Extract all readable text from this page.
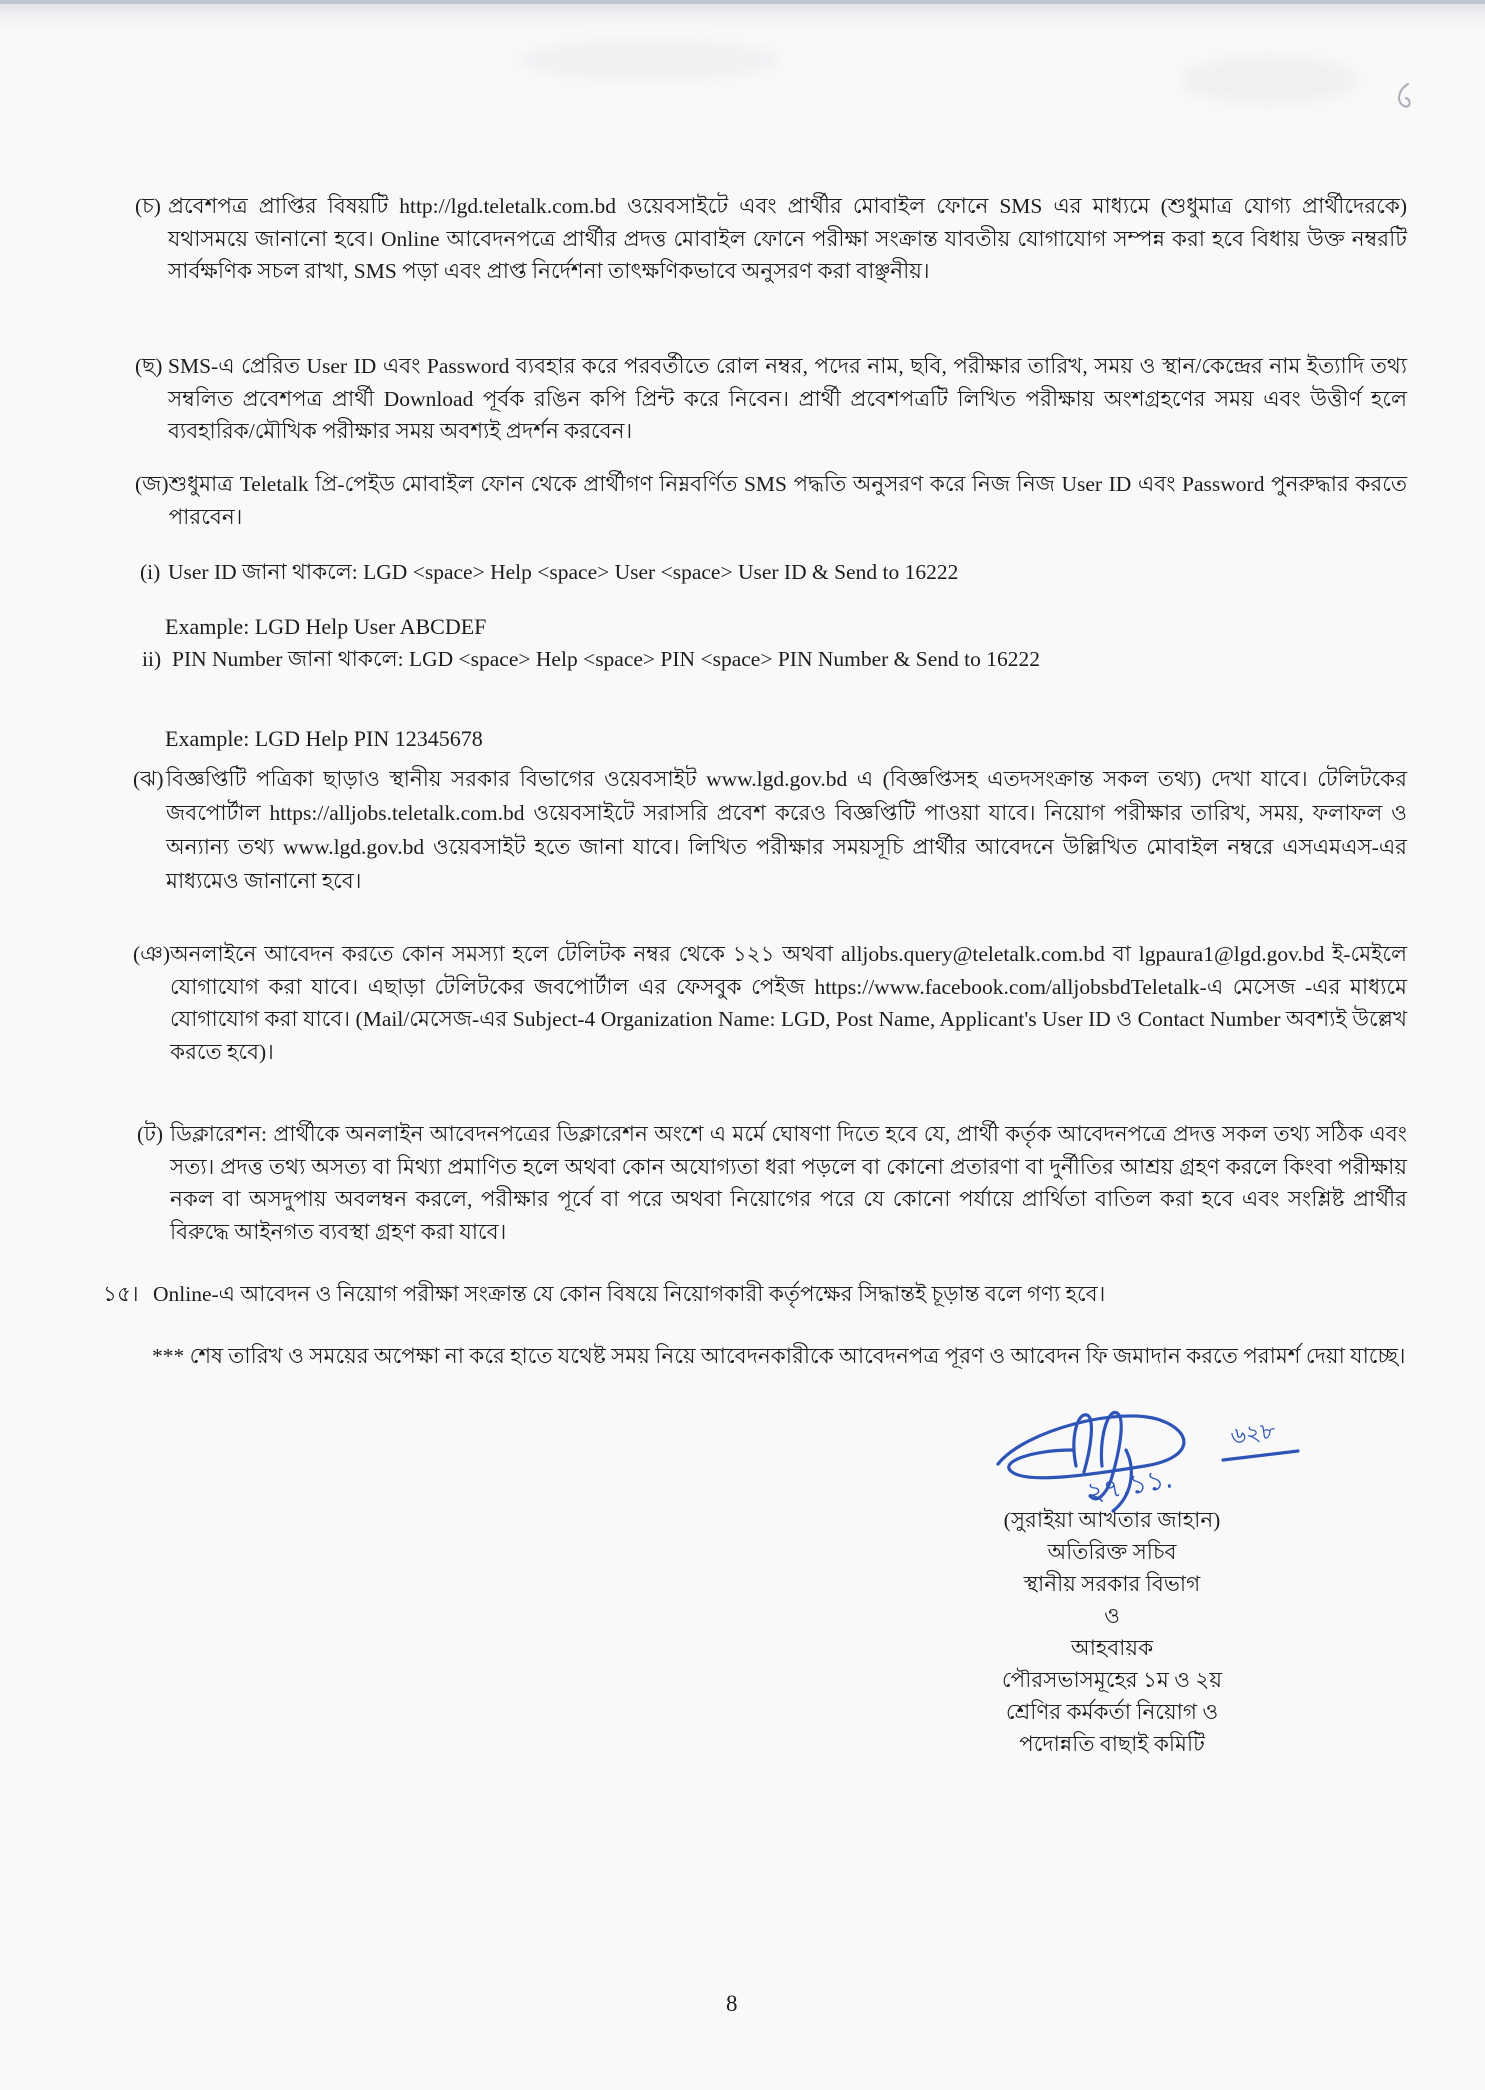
(চ) প্রবেশপত্র প্রাপ্তির বিষয়টি http://lgd.teletalk.com.bd ওয়েবসাইটে এবং প্রার্থীর মোবাইল ফোনে SMS এর মাধ্যমে (শুধুমাত্র যোগ্য প্রার্থীদেরকে) যথাসময়ে জানানো হবে। Online আবেদনপত্রে প্রার্থীর প্রদত্ত মোবাইল ফোনে পরীক্ষা সংক্রান্ত যাবতীয় যোগাযোগ সম্পন্ন করা হবে বিধায় উক্ত নম্বরটি সার্বক্ষণিক সচল রাখা, SMS পড়া এবং প্রাপ্ত নির্দেশনা তাৎক্ষণিকভাবে অনুসরণ করা বাঞ্ছনীয়।
(ছ) SMS-এ প্রেরিত User ID এবং Password ব্যবহার করে পরবর্তীতে রোল নম্বর, পদের নাম, ছবি, পরীক্ষার তারিখ, সময় ও স্থান/কেন্দ্রের নাম ইত্যাদি তথ্য সম্বলিত প্রবেশপত্র প্রার্থী Download পূর্বক রঙিন কপি প্রিন্ট করে নিবেন। প্রার্থী প্রবেশপত্রটি লিখিত পরীক্ষায় অংশগ্রহণের সময় এবং উত্তীর্ণ হলে ব্যবহারিক/মৌখিক পরীক্ষার সময় অবশ্যই প্রদর্শন করবেন।
(জ) শুধুমাত্র Teletalk প্রি-পেইড মোবাইল ফোন থেকে প্রার্থীগণ নিম্নবর্ণিত SMS পদ্ধতি অনুসরণ করে নিজ নিজ User ID এবং Password পুনরুদ্ধার করতে পারবেন।
(i) User ID জানা থাকলে: LGD <space> Help <space> User <space> User ID & Send to 16222
Example: LGD Help User ABCDEF
ii) PIN Number জানা থাকলে: LGD <space> Help <space> PIN <space> PIN Number & Send to 16222
Example: LGD Help PIN 12345678
(ঝ) বিজ্ঞপ্তিটি পত্রিকা ছাড়াও স্থানীয় সরকার বিভাগের ওয়েবসাইট www.lgd.gov.bd এ (বিজ্ঞপ্তিসহ এতদসংক্রান্ত সকল তথ্য) দেখা যাবে। টেলিটকের জবপোর্টাল https://alljobs.teletalk.com.bd ওয়েবসাইটে সরাসরি প্রবেশ করেও বিজ্ঞপ্তিটি পাওয়া যাবে। নিয়োগ পরীক্ষার তারিখ, সময়, ফলাফল ও অন্যান্য তথ্য www.lgd.gov.bd ওয়েবসাইট হতে জানা যাবে। লিখিত পরীক্ষার সময়সূচি প্রার্থীর আবেদনে উল্লিখিত মোবাইল নম্বরে এসএমএস-এর মাধ্যমেও জানানো হবে।
(ঞ) অনলাইনে আবেদন করতে কোন সমস্যা হলে টেলিটক নম্বর থেকে ১২১ অথবা alljobs.query@teletalk.com.bd বা lgpaura1@lgd.gov.bd ই-মেইলে যোগাযোগ করা যাবে। এছাড়া টেলিটকের জবপোর্টাল এর ফেসবুক পেইজ https://www.facebook.com/alljobsbdTeletalk-এ মেসেজ -এর মাধ্যমে যোগাযোগ করা যাবে। (Mail/মেসেজ-এর Subject-4 Organization Name: LGD, Post Name, Applicant's User ID ও Contact Number অবশ্যই উল্লেখ করতে হবে)।
(ট) ডিক্লারেশন: প্রার্থীকে অনলাইন আবেদনপত্রের ডিক্লারেশন অংশে এ মর্মে ঘোষণা দিতে হবে যে, প্রার্থী কর্তৃক আবেদনপত্রে প্রদত্ত সকল তথ্য সঠিক এবং সত্য। প্রদত্ত তথ্য অসত্য বা মিথ্যা প্রমাণিত হলে অথবা কোন অযোগ্যতা ধরা পড়লে বা কোনো প্রতারণা বা দুর্নীতির আশ্রয় গ্রহণ করলে কিংবা পরীক্ষায় নকল বা অসদুপায় অবলম্বন করলে, পরীক্ষার পূর্বে বা পরে অথবা নিয়োগের পরে যে কোনো পর্যায়ে প্রার্থিতা বাতিল করা হবে এবং সংশ্লিষ্ট প্রার্থীর বিরুদ্ধে আইনগত ব্যবস্থা গ্রহণ করা যাবে।
১৫। Online-এ আবেদন ও নিয়োগ পরীক্ষা সংক্রান্ত যে কোন বিষয়ে নিয়োগকারী কর্তৃপক্ষের সিদ্ধান্তই চূড়ান্ত বলে গণ্য হবে।
*** শেষ তারিখ ও সময়ের অপেক্ষা না করে হাতে যথেষ্ট সময় নিয়ে আবেদনকারীকে আবেদনপত্র পূরণ ও আবেদন ফি জমাদান করতে পরামর্শ দেয়া যাচ্ছে।
২৭.১১.
৬২৮
(সুরাইয়া আখতার জাহান)
অতিরিক্ত সচিব
স্থানীয় সরকার বিভাগ
ও
আহবায়ক
পৌরসভাসমূহের ১ম ও ২য়
শ্রেণির কর্মকর্তা নিয়োগ ও
পদোন্নতি বাছাই কমিটি
8
